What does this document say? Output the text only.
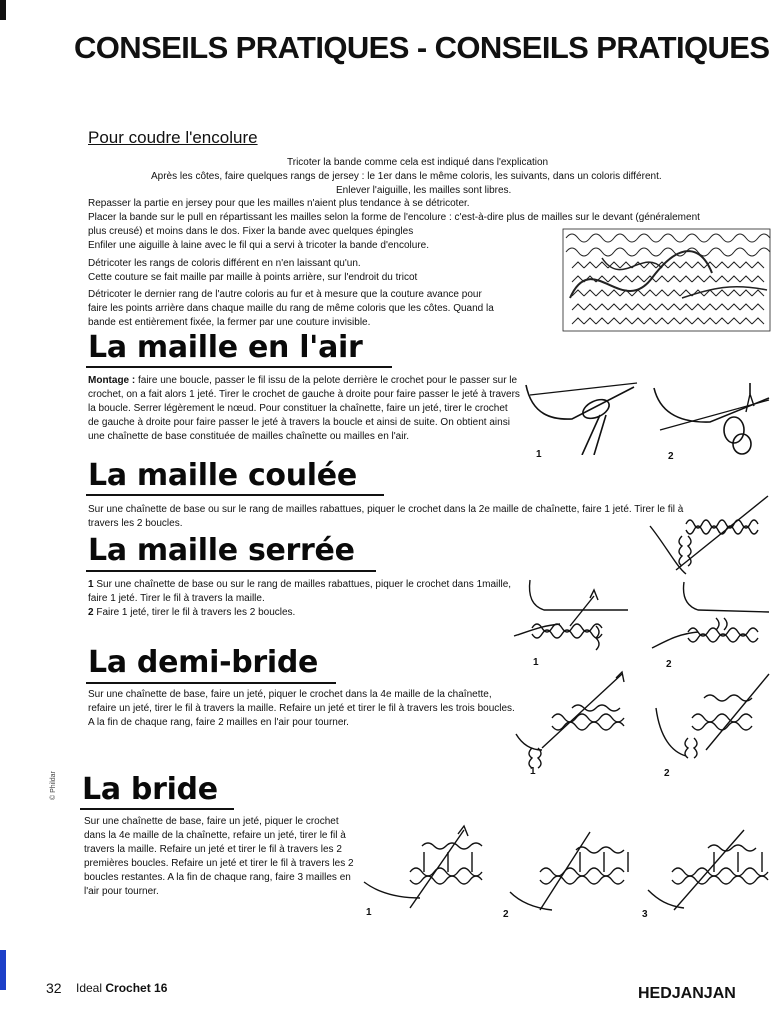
CONSEILS PRATIQUES - CONSEILS PRATIQUES
Pour coudre l'encolure
Tricoter la bande comme cela est indiqué dans l'explication
Après les côtes, faire quelques rangs de jersey : le 1er dans le même coloris, les suivants, dans un coloris différent.
Enlever l'aiguille, les mailles sont libres.
Repasser la partie en jersey pour que les mailles n'aient plus tendance à se détricoter.
Placer la bande sur le pull en répartissant les mailles selon la forme de l'encolure : c'est-à-dire plus de mailles sur le devant (généralement
plus creusé) et moins dans le dos. Fixer la bande avec quelques épingles
Enfiler une aiguille à laine avec le fil qui a servi à tricoter la bande d'encolure.
Détricoter les rangs de coloris différent en n'en laissant qu'un.
Cette couture se fait maille par maille à points arrière, sur l'endroit du tricot
Détricoter le dernier rang de l'autre coloris au fur et à mesure que la couture avance pour
faire les points arrière dans chaque maille du rang de même coloris que les côtes. Quand la
bande est entièrement fixée, la fermer par une couture invisible.
La maille en l'air
Montage : faire une boucle, passer le fil issu de la pelote derrière le crochet pour le passer sur le crochet, on a fait alors 1 jeté. Tirer le crochet de gauche à droite pour faire passer le jeté à travers la boucle. Serrer légèrement le nœud. Pour constituer la chaînette, faire un jeté, tirer le crochet de gauche à droite pour faire passer le jeté à travers la boucle et ainsi de suite. On obtient ainsi une chaînette de base constituée de mailles chaînette ou mailles en l'air.
1	2
La maille coulée
Sur une chaînette de base ou sur le rang de mailles rabattues, piquer le crochet dans la 2e maille de chaînette, faire 1 jeté. Tirer le fil à travers les 2 boucles.
La maille serrée
1 Sur une chaînette de base ou sur le rang de mailles rabattues, piquer le crochet dans 1maille, faire 1 jeté. Tirer le fil à travers la maille.
2 Faire 1 jeté, tirer le fil à travers les 2 boucles.
1	2
La demi-bride
Sur une chaînette de base, faire un jeté, piquer le crochet dans la 4e maille de la chaînette, refaire un jeté, tirer le fil à travers la maille. Refaire un jeté et tirer le fil à travers les trois boucles. A la fin de chaque rang, faire 2 mailles en l'air pour tourner.
1	2
La bride
Sur une chaînette de base, faire un jeté, piquer le crochet dans la 4e maille de la chaînette, refaire un jeté, tirer le fil à travers la maille. Refaire un jeté et tirer le fil à travers les 2 premières boucles. Refaire un jeté et tirer le fil à travers les 2 boucles restantes. A la fin de chaque rang, faire 3 mailles en l'air pour tourner.
1	2	3
© Phildar
32 Ideal Crochet 16	HEDJANJAN
